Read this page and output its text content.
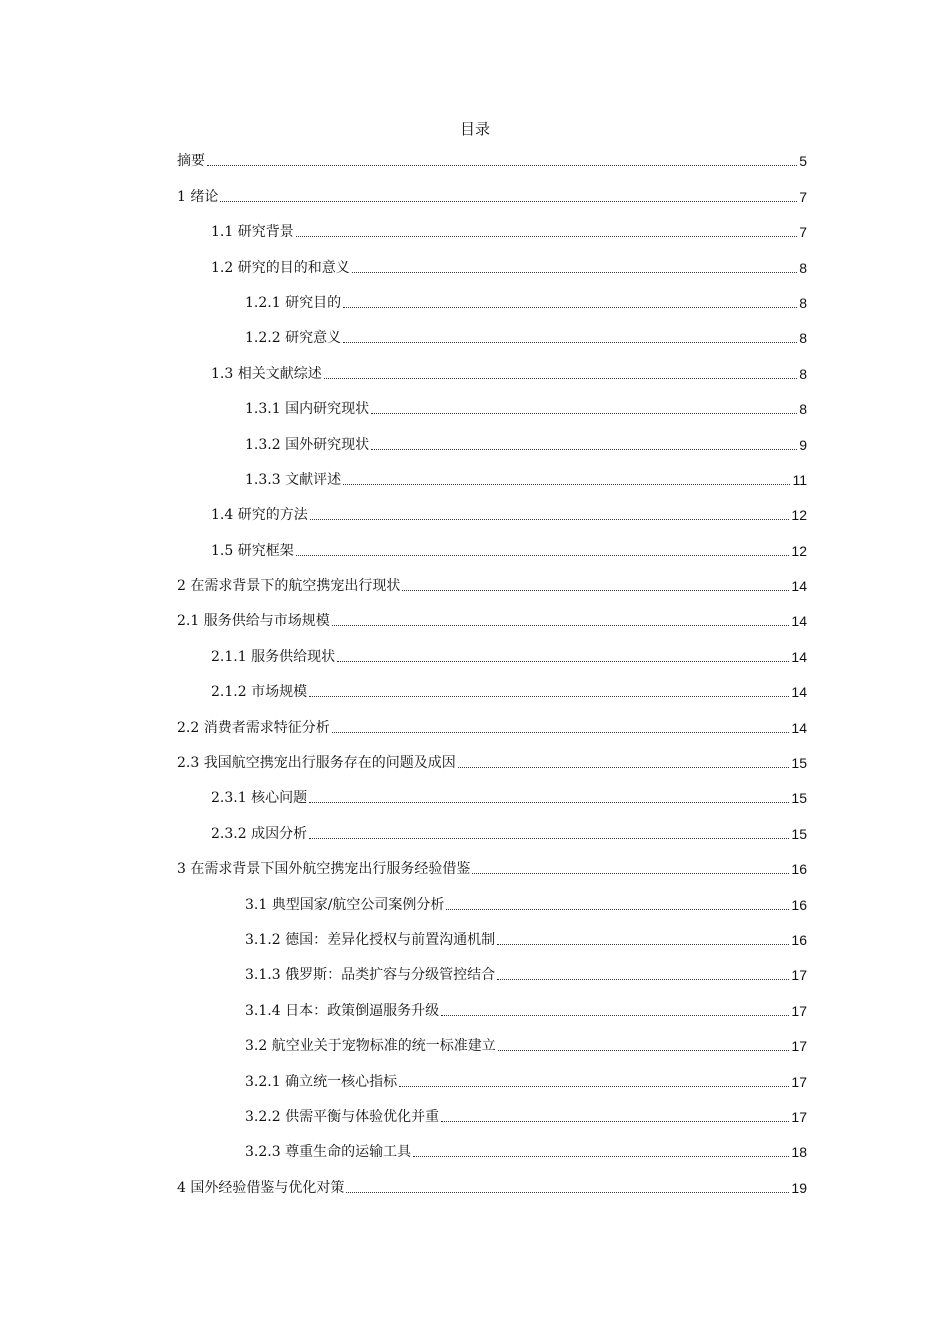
目录
摘要	5
1 绪论	7
1.1 研究背景	7
1.2 研究的目的和意义	8
1.2.1 研究目的	8
1.2.2 研究意义	8
1.3 相关文献综述	8
1.3.1 国内研究现状	8
1.3.2 国外研究现状	9
1.3.3 文献评述	11
1.4 研究的方法	12
1.5 研究框架	12
2 在需求背景下的航空携宠出行现状	14
2.1 服务供给与市场规模	14
2.1.1 服务供给现状	14
2.1.2 市场规模	14
2.2 消费者需求特征分析	14
2.3 我国航空携宠出行服务存在的问题及成因	15
2.3.1 核心问题	15
2.3.2 成因分析	15
3 在需求背景下国外航空携宠出行服务经验借鉴	16
3.1 典型国家/航空公司案例分析	16
3.1.2 德国：差异化授权与前置沟通机制	16
3.1.3 俄罗斯：品类扩容与分级管控结合	17
3.1.4 日本：政策倒逼服务升级	17
3.2 航空业关于宠物标准的统一标准建立	17
3.2.1 确立统一核心指标	17
3.2.2 供需平衡与体验优化并重	17
3.2.3 尊重生命的运输工具	18
4 国外经验借鉴与优化对策	19
